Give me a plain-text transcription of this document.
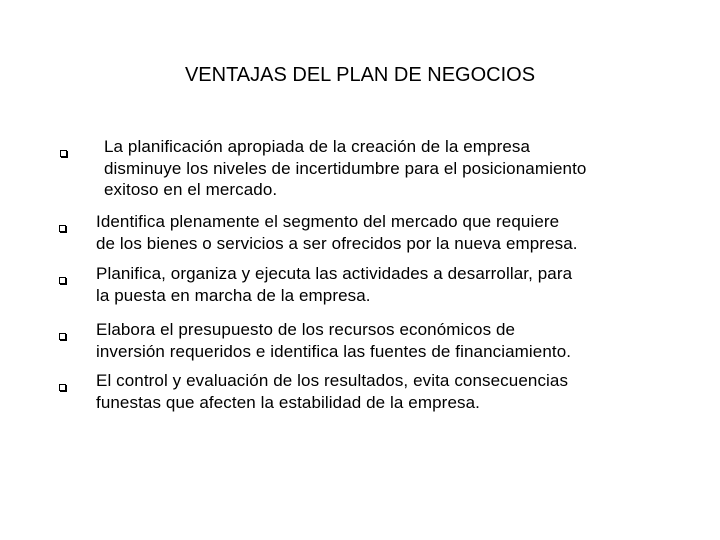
VENTAJAS DEL PLAN DE NEGOCIOS
La planificación apropiada de la creación de la empresa
disminuye los niveles de incertidumbre para el posicionamiento
exitoso en el mercado.
Identifica plenamente el segmento del mercado que requiere
de los bienes o servicios a ser ofrecidos por la nueva empresa.
Planifica, organiza y ejecuta las actividades a desarrollar, para
la puesta en marcha de la empresa.
Elabora el presupuesto de los recursos económicos de
inversión requeridos e identifica las fuentes de financiamiento.
El control y evaluación de los resultados, evita consecuencias
funestas que afecten la estabilidad de la empresa.
